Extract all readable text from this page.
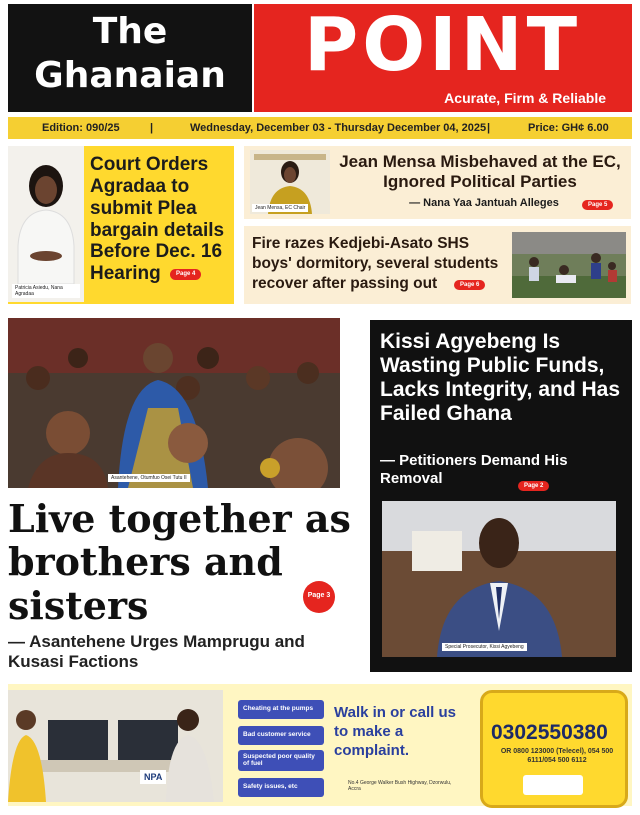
The
Ghanaian	POINT
Acurate, Firm & Reliable
Edition: 090/25	|	Wednesday, December 03 - Thursday December 04, 2025 |	Price: GH¢ 6.00
Patricia Asiedu, Nana Agradaa
Court Orders Agradaa to submit Plea bargain details Before Dec. 16 Hearing	Page 4
Jean Mensa, EC Chair
Jean Mensa Misbehaved at the EC, Ignored Political Parties
— Nana Yaa Jantuah Alleges	Page 5
Fire razes Kedjebi-Asato SHS boys' dormitory, several students recover after passing out	Page 6
Asantehene, Otumfuo Osei Tutu II
Live together as brothers and sisters	Page 3
— Asantehene Urges Mamprugu and Kusasi Factions
Kissi Agyebeng Is Wasting Public Funds, Lacks Integrity, and Has Failed Ghana
— Petitioners Demand His Removal	Page 2
Special Prosecutor, Kissi Agyebeng
NPA
Cheating at the pumps
Bad customer service
Suspected poor quality of fuel
Safety issues, etc
Walk in or call us to make a complaint.
No.4 George Walker Bush Highway, Dzorwulu, Accra
0302550380
OR 0800 123000 (Telecel), 054 500 6111/054 500 6112
